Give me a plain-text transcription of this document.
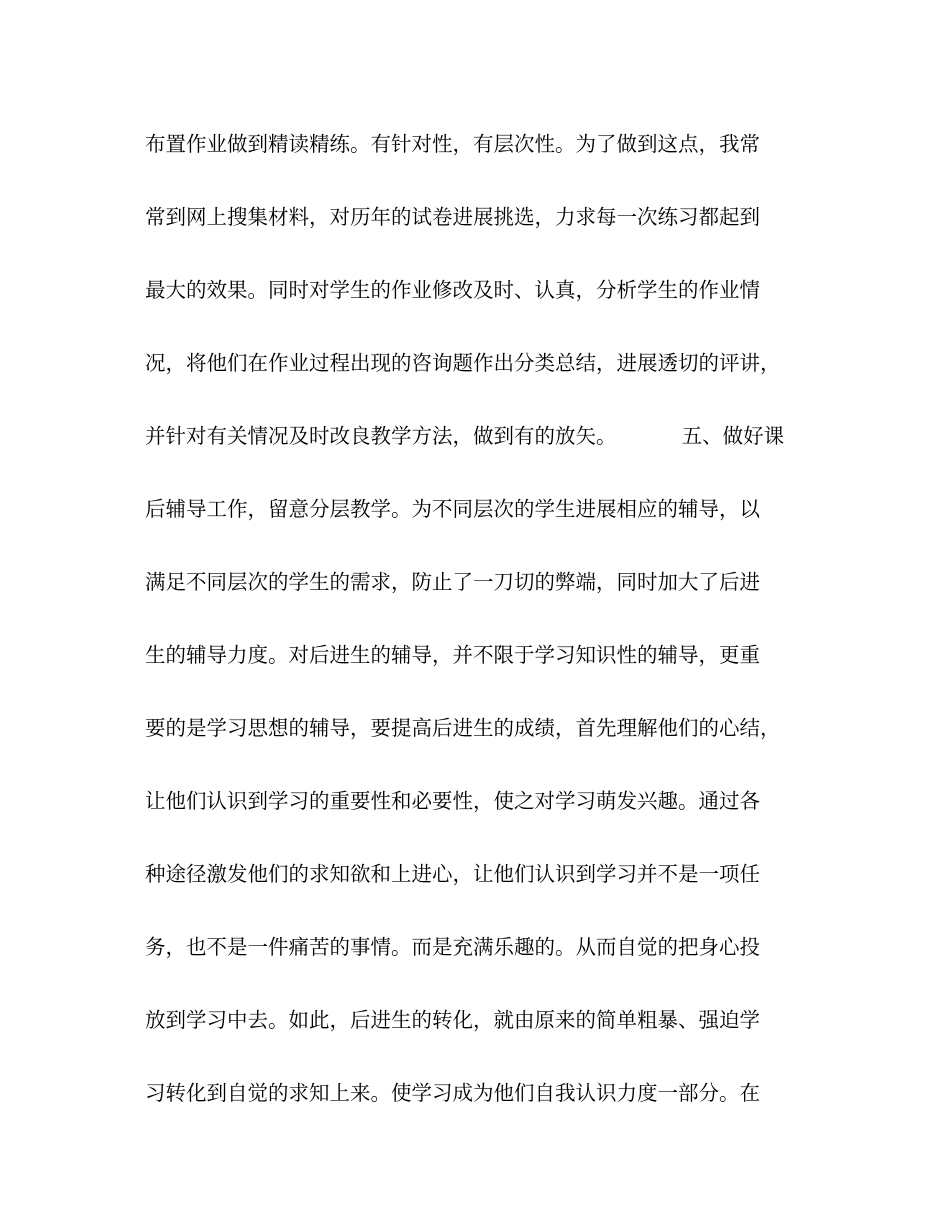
布置作业做到精读精练。有针对性，有层次性。为了做到这点，我常
常到网上搜集材料，对历年的试卷进展挑选，力求每一次练习都起到
最大的效果。同时对学生的作业修改及时、认真，分析学生的作业情
况，将他们在作业过程出现的咨询题作出分类总结，进展透切的评讲，
并针对有关情况及时改良教学方法，做到有的放矢。          五、做好课
后辅导工作，留意分层教学。为不同层次的学生进展相应的辅导，以
满足不同层次的学生的需求，防止了一刀切的弊端，同时加大了后进
生的辅导力度。对后进生的辅导，并不限于学习知识性的辅导，更重
要的是学习思想的辅导，要提高后进生的成绩，首先理解他们的心结，
让他们认识到学习的重要性和必要性，使之对学习萌发兴趣。通过各
种途径激发他们的求知欲和上进心，让他们认识到学习并不是一项任
务，也不是一件痛苦的事情。而是充满乐趣的。从而自觉的把身心投
放到学习中去。如此，后进生的转化，就由原来的简单粗暴、强迫学
习转化到自觉的求知上来。使学习成为他们自我认识力度一部分。在
